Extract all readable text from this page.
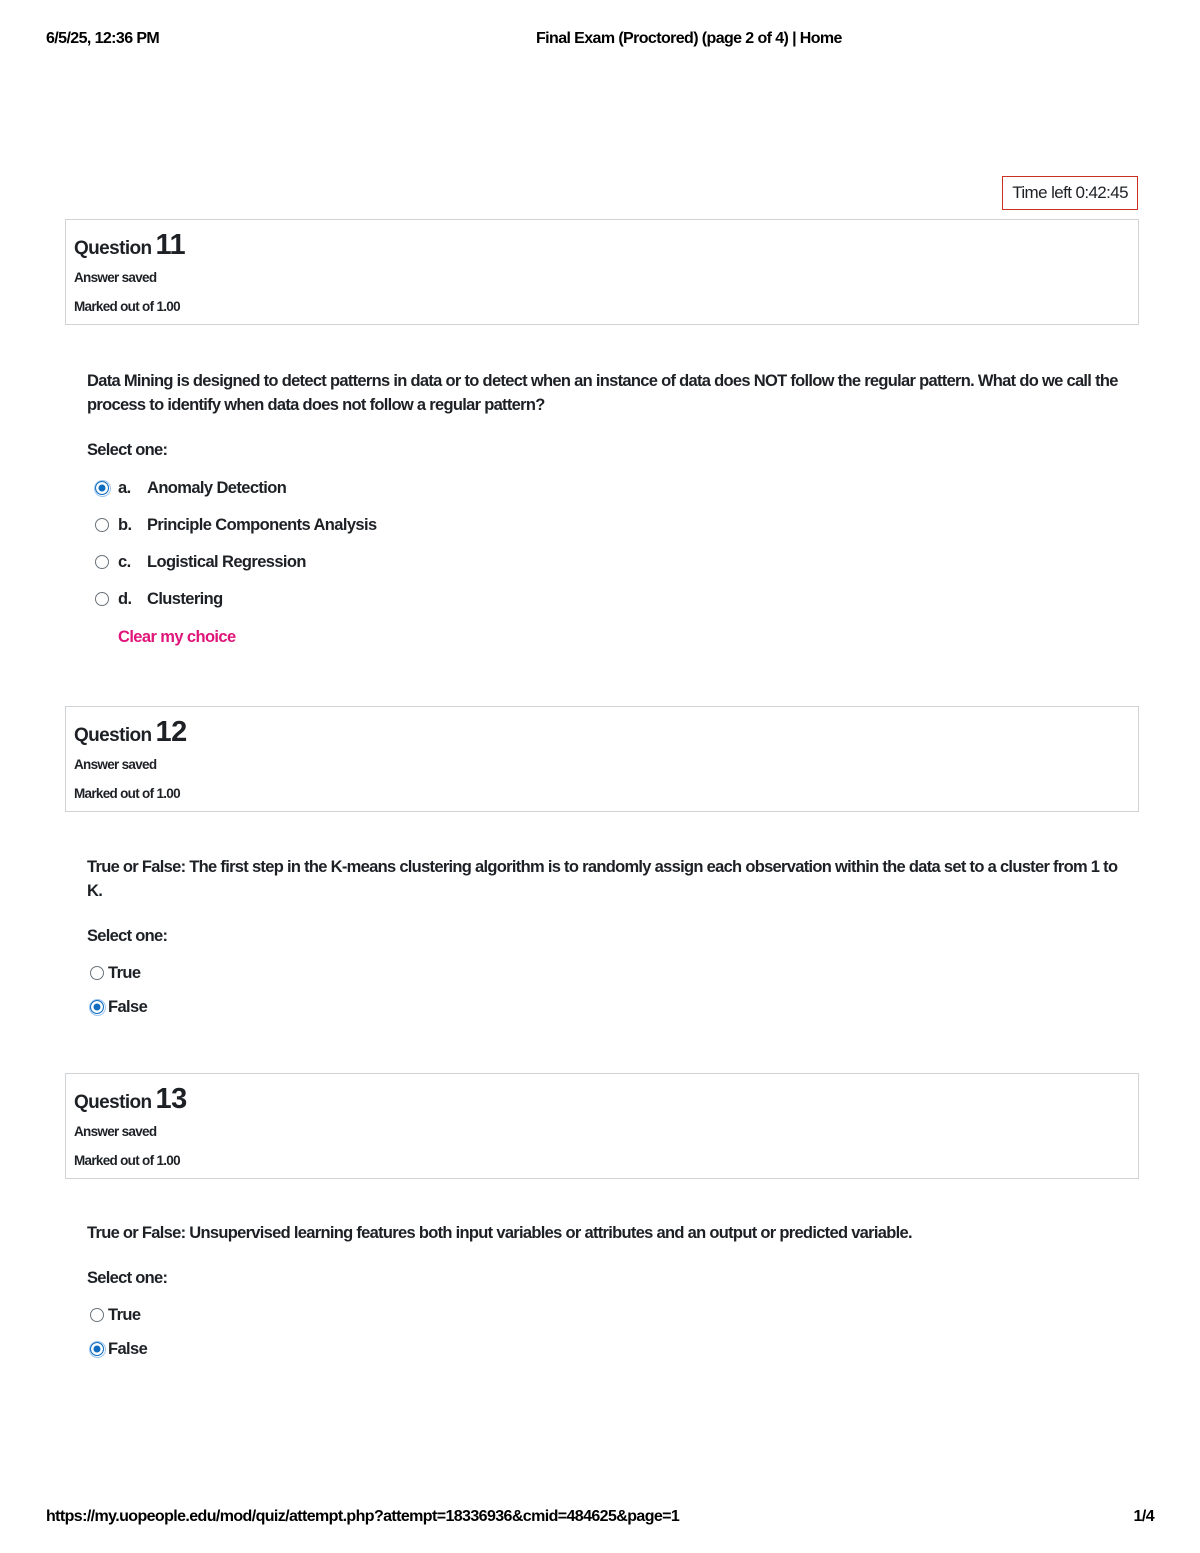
6/5/25, 12:36 PM	Final Exam (Proctored) (page 2 of 4) | Home
Time left 0:42:45
Question 11
Answer saved
Marked out of 1.00
Data Mining is designed to detect patterns in data or to detect when an instance of data does NOT follow the regular pattern. What do we call the process to identify when data does not follow a regular pattern?
Select one:
a. Anomaly Detection
b. Principle Components Analysis
c. Logistical Regression
d. Clustering
Clear my choice
Question 12
Answer saved
Marked out of 1.00
True or False: The first step in the K-means clustering algorithm is to randomly assign each observation within the data set to a cluster from 1 to K.
Select one:
True
False
Question 13
Answer saved
Marked out of 1.00
True or False: Unsupervised learning features both input variables or attributes and an output or predicted variable.
Select one:
True
False
https://my.uopeople.edu/mod/quiz/attempt.php?attempt=18336936&cmid=484625&page=1	1/4
